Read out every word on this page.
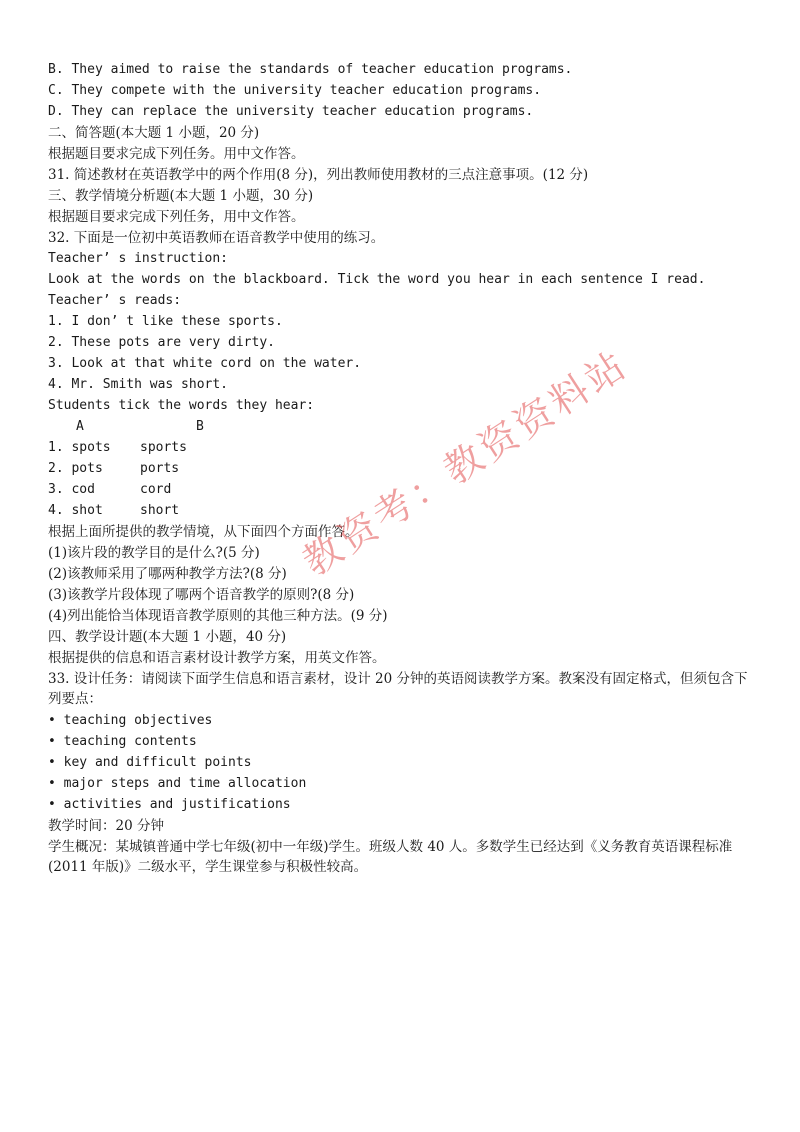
B. They aimed to raise the standards of teacher education programs.
C. They compete with the university teacher education programs.
D. They can replace the university teacher education programs.
二、简答题(本大题 1 小题，20 分)
根据题目要求完成下列任务。用中文作答。
31. 简述教材在英语教学中的两个作用(8 分)，列出教师使用教材的三点注意事项。(12 分)
三、教学情境分析题(本大题 1 小题，30 分)
根据题目要求完成下列任务，用中文作答。
32. 下面是一位初中英语教师在语音教学中使用的练习。
Teacher’ s instruction:
Look at the words on the blackboard. Tick the word you hear in each sentence I read.
Teacher’ s reads:
1. I don’ t like these sports.
2. These pots are very dirty.
3. Look at that white cord on the water.
4. Mr. Smith was short.
Students tick the words they hear:
A	B
1. spots sports
2. pots	ports
3. cod	cord
4. shot	short
根据上面所提供的教学情境，从下面四个方面作答。
(1)该片段的教学目的是什么?(5 分)
(2)该教师采用了哪两种教学方法?(8 分)
(3)该教学片段体现了哪两个语音教学的原则?(8 分)
(4)列出能恰当体现语音教学原则的其他三种方法。(9 分)
四、教学设计题(本大题 1 小题，40 分)
根据提供的信息和语言素材设计教学方案，用英文作答。
33. 设计任务：请阅读下面学生信息和语言素材，设计 20 分钟的英语阅读教学方案。教案没有固定格式，但须包含下列要点：
• teaching objectives
• teaching contents
• key and difficult points
• major steps and time allocation
• activities and justifications
教学时间：20 分钟
学生概况：某城镇普通中学七年级(初中一年级)学生。班级人数 40 人。多数学生已经达到《义务教育英语课程标准(2011 年版)》二级水平，学生课堂参与积极性较高。
教资考：教资资料站
